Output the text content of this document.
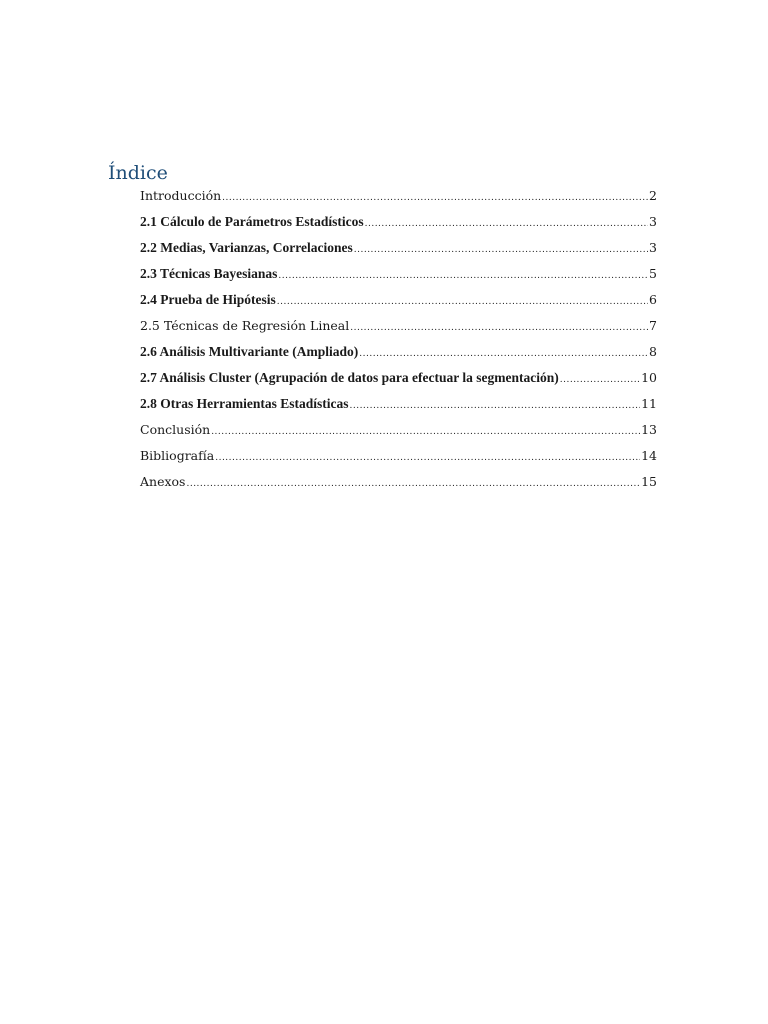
Índice
Introducción .....	2
2.1 Cálculo de Parámetros Estadísticos .....	3
2.2 Medias, Varianzas, Correlaciones .....	3
2.3 Técnicas Bayesianas .....	5
2.4 Prueba de Hipótesis .....	6
2.5 Técnicas de Regresión Lineal .....	7
2.6 Análisis Multivariante (Ampliado) .....	8
2.7 Análisis Cluster (Agrupación de datos para efectuar la segmentación) .....	10
2.8 Otras Herramientas Estadísticas .....	11
Conclusión .....	13
Bibliografía .....	14
Anexos .....	15
